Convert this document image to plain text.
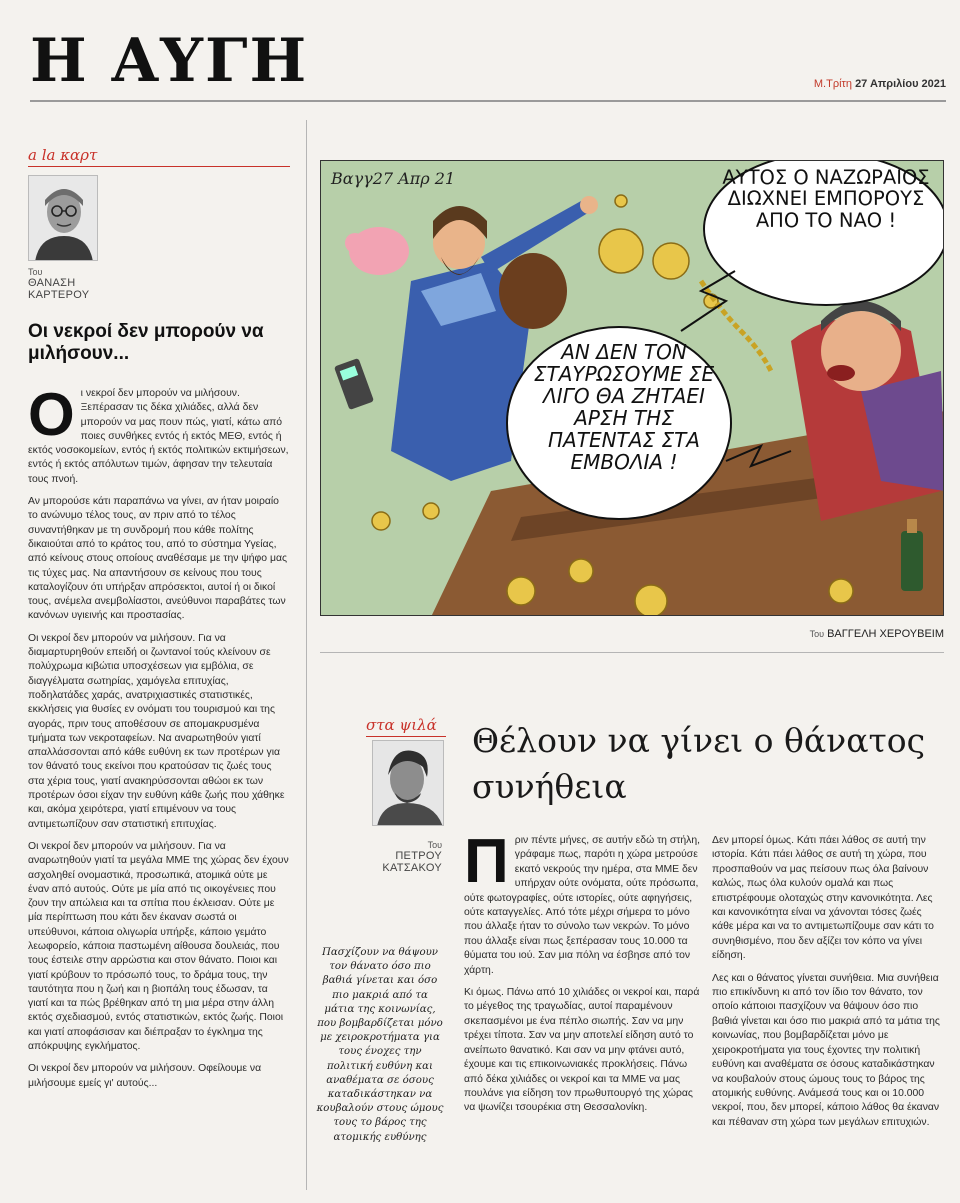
Η ΑΥΓΗ	Μ.Τρίτη 27 Απριλίου 2021
a la καρτ
Του
ΘΑΝΑΣΗ
ΚΑΡΤΕΡΟΥ
Οι νεκροί δεν μπορούν να μιλήσουν...

Οι νεκροί δεν μπορούν να μιλήσουν. Ξεπέρασαν τις δέκα χιλιάδες, αλλά δεν μπορούν να μας πουν πώς, γιατί, κάτω από ποιες συνθήκες εντός ή εκτός ΜΕΘ, εντός ή εκτός νοσοκομείων, εντός ή εκτός πολιτικών εκτιμήσεων, εντός ή εκτός απόλυτων τιμών, άφησαν την τελευταία τους πνοή.

Αν μπορούσε κάτι παραπάνω να γίνει, αν ήταν μοιραίο το ανώνυμο τέλος τους, αν πριν από το τέλος συναντήθηκαν με τη συνδρομή που κάθε πολίτης δικαιούται από το κράτος του, από το σύστημα Υγείας, από κείνους στους οποίους αναθέσαμε με την ψήφο μας τις τύχες μας. Να απαντήσουν σε κείνους που τους καταλογίζουν ότι υπήρξαν απρόσεκτοι, αυτοί ή οι δικοί τους, ανέμελα ανεμβολίαστοι, ανεύθυνοι παραβάτες των κανόνων υγιεινής και προστασίας.

Οι νεκροί δεν μπορούν να μιλήσουν. Για να διαμαρτυρηθούν επειδή οι ζωντανοί τούς κλείνουν σε πολύχρωμα κιβώτια υποσχέσεων για εμβόλια, σε διαγγέλματα σωτηρίας, χαμόγελα επιτυχίας, ποδηλατάδες χαράς, ανατριχιαστικές στατιστικές, εκκλήσεις για θυσίες εν ονόματι του τουρισμού και της αγοράς, πριν τους αποθέσουν σε απομακρυσμένα τμήματα των νεκροταφείων. Να αναρωτηθούν γιατί απαλλάσσονται από κάθε ευθύνη εκ των προτέρων για τον θάνατό τους εκείνοι που κρατούσαν τις ζωές τους στα χέρια τους, γιατί ανακηρύσσονται αθώοι εκ των προτέρων όσοι είχαν την ευθύνη κάθε ζωής που χάθηκε και, ακόμα χειρότερα, γιατί επιμένουν να τους αντιμετωπίζουν σαν στατιστική επιτυχίας.

Οι νεκροί δεν μπορούν να μιλήσουν. Για να αναρωτηθούν γιατί τα μεγάλα ΜΜΕ της χώρας δεν έχουν ασχοληθεί ονομαστικά, προσωπικά, ατομικά ούτε με έναν από αυτούς. Ούτε με μία από τις οικογένειες που ζουν την απώλεια και τα σπίτια που έκλεισαν. Ούτε με μία περίπτωση που κάτι δεν έκαναν σωστά οι υπεύθυνοι, κάποια ολιγωρία υπήρξε, κάποιο γεμάτο λεωφορείο, κάποια παστωμένη αίθουσα δουλειάς, που τους έστειλε στην αρρώστια και στον θάνατο. Ποιοι και γιατί κρύβουν το πρόσωπό τους, το δράμα τους, την ταυτότητα που η ζωή και η βιοπάλη τους έδωσαν, τα γιατί και τα πώς βρέθηκαν από τη μια μέρα στην άλλη εκτός σχεδιασμού, εντός στατιστικών, εκτός ζωής. Ποιοι και γιατί αποφάσισαν και διέπραξαν το έγκλημα της απόκρυψης εγκλήματος.

Οι νεκροί δεν μπορούν να μιλήσουν. Οφείλουμε να μιλήσουμε εμείς γι' αυτούς...

Βαγγ27 Απρ 21	ΑΥΤΟΣ Ο ΝΑΖΩΡΑΙΟΣ ΔΙΩΧΝΕΙ ΕΜΠΟΡΟΥΣ ΑΠΟ ΤΟ ΝΑΟ !
ΑΝ ΔΕΝ ΤΟΝ ΣΤΑΥΡΩΣΟΥΜΕ ΣΕ ΛΙΓΟ ΘΑ ΖΗΤΑΕΙ ΑΡΣΗ ΤΗΣ ΠΑΤΕΝΤΑΣ ΣΤΑ ΕΜΒΟΛΙΑ !
Του ΒΑΓΓΕΛΗ ΧΕΡΟΥΒΕΙΜ
στα ψιλά
Του
ΠΕΤΡΟΥ
ΚΑΤΣΑΚΟΥ
Θέλουν να γίνει ο θάνατος συνήθεια
Πασχίζουν να θάψουν τον θάνατο όσο πιο βαθιά γίνεται και όσο πιο μακριά από τα μάτια της κοινωνίας, που βομβαρδίζεται μόνο με χειροκροτήματα για τους ένοχες την πολιτική ευθύνη και αναθέματα σε όσους καταδικάστηκαν να κουβαλούν στους ώμους τους το βάρος της ατομικής ευθύνης

Πριν πέντε μήνες, σε αυτήν εδώ τη στήλη, γράφαμε πως, παρότι η χώρα μετρούσε εκατό νεκρούς την ημέρα, στα ΜΜΕ δεν υπήρχαν ούτε ονόματα, ούτε πρόσωπα, ούτε φωτογραφίες, ούτε ιστορίες, ούτε αφηγήσεις, ούτε καταγγελίες. Από τότε μέχρι σήμερα το μόνο που άλλαξε ήταν το σύνολο των νεκρών. Το μόνο που άλλαξε είναι πως ξεπέρασαν τους 10.000 τα θύματα του ιού. Σαν μια πόλη να έσβησε από τον χάρτη.

Κι όμως. Πάνω από 10 χιλιάδες οι νεκροί και, παρά το μέγεθος της τραγωδίας, αυτοί παραμένουν σκεπασμένοι με ένα πέπλο σιωπής. Σαν να μην τρέχει τίποτα. Σαν να μην αποτελεί είδηση αυτό το ανείπωτο θανατικό. Και σαν να μην φτάνει αυτό, έχουμε και τις επικοινωνιακές προκλήσεις. Πάνω από δέκα χιλιάδες οι νεκροί και τα ΜΜΕ να μας πουλάνε για είδηση τον πρωθυπουργό της χώρας να ψωνίζει τσουρέκια στη Θεσσαλονίκη.

Δεν μπορεί όμως. Κάτι πάει λάθος σε αυτή την ιστορία. Κάτι πάει λάθος σε αυτή τη χώρα, που προσπαθούν να μας πείσουν πως όλα βαίνουν καλώς, πως όλα κυλούν ομαλά και πως επιστρέφουμε ολοταχώς στην κανονικότητα. Λες και κανονικότητα είναι να χάνονται τόσες ζωές κάθε μέρα και να το αντιμετωπίζουμε σαν κάτι το συνηθισμένο, που δεν αξίζει τον κόπο να γίνει είδηση.

Λες και ο θάνατος γίνεται συνήθεια. Μια συνήθεια πιο επικίνδυνη κι από τον ίδιο τον θάνατο, τον οποίο κάποιοι πασχίζουν να θάψουν όσο πιο βαθιά γίνεται και όσο πιο μακριά από τα μάτια της κοινωνίας, που βομβαρδίζεται μόνο με χειροκροτήματα για τους έχοντες την πολιτική ευθύνη και αναθέματα σε όσους καταδικάστηκαν να κουβαλούν στους ώμους τους το βάρος της ατομικής ευθύνης. Ανάμεσά τους και οι 10.000 νεκροί, που, δεν μπορεί, κάποιο λάθος θα έκαναν και πέθαναν στη χώρα των μεγάλων επιτυχιών.
